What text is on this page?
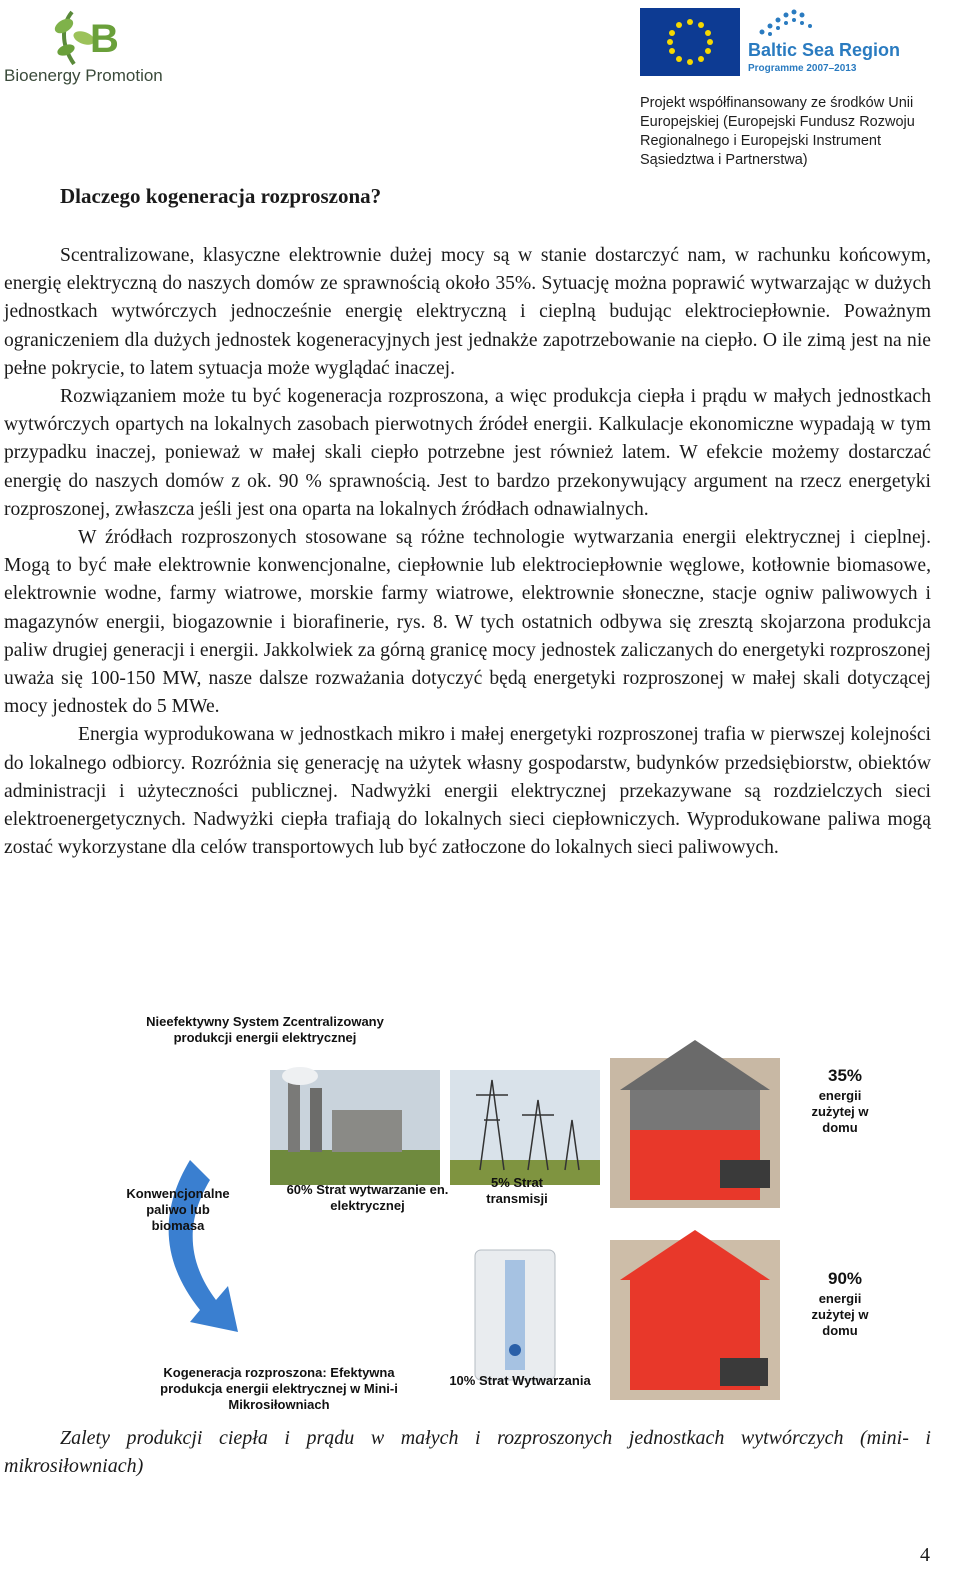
B
Bioenergy Promotion
Baltic Sea Region
Programme 2007–2013
Projekt współfinansowany ze środków Unii Europejskiej (Europejski Fundusz Rozwoju Regionalnego i Europejski Instrument Sąsiedztwa i Partnerstwa)
Dlaczego kogeneracja rozproszona?

Scentralizowane, klasyczne elektrownie dużej mocy są w stanie dostarczyć nam, w rachunku końcowym, energię elektryczną do naszych domów ze sprawnością około 35%. Sytuację można poprawić wytwarzając w dużych jednostkach wytwórczych jednocześnie energię elektryczną i cieplną budując elektrociepłownie. Poważnym ograniczeniem dla dużych jednostek kogeneracyjnych jest jednakże zapotrzebowanie na ciepło. O ile zimą jest na nie pełne pokrycie, to latem sytuacja może wyglądać inaczej.

Rozwiązaniem może tu być kogeneracja rozproszona, a więc produkcja ciepła i prądu w małych jednostkach wytwórczych opartych na lokalnych zasobach pierwotnych źródeł energii. Kalkulacje ekonomiczne wypadają w tym przypadku inaczej, ponieważ w małej skali ciepło potrzebne jest również latem. W efekcie możemy dostarczać energię do naszych domów z ok. 90 % sprawnością. Jest to bardzo przekonywujący argument na rzecz energetyki rozproszonej, zwłaszcza jeśli jest ona oparta na lokalnych źródłach odnawialnych.

W źródłach rozproszonych stosowane są różne technologie wytwarzania energii elektrycznej i cieplnej. Mogą to być małe elektrownie konwencjonalne, ciepłownie lub elektrociepłownie węglowe, kotłownie biomasowe, elektrownie wodne, farmy wiatrowe, morskie farmy wiatrowe, elektrownie słoneczne, stacje ogniw paliwowych i magazynów energii, biogazownie i biorafinerie, rys. 8. W tych ostatnich odbywa się zresztą skojarzona produkcja paliw drugiej generacji i energii. Jakkolwiek za górną granicę mocy jednostek zaliczanych do energetyki rozproszonej uważa się 100-150 MW, nasze dalsze rozważania dotyczyć będą energetyki rozproszonej w małej skali dotyczącej mocy jednostek do 5 MWe.

Energia wyprodukowana w jednostkach mikro i małej energetyki rozproszonej trafia w pierwszej kolejności do lokalnego odbiorcy. Rozróżnia się generację na użytek własny gospodarstw, budynków przedsiębiorstw, obiektów administracji i użyteczności publicznej. Nadwyżki energii elektrycznej przekazywane są rozdzielczych sieci elektroenergetycznych. Nadwyżki ciepła trafiają do lokalnych sieci ciepłowniczych. Wyprodukowane paliwa mogą zostać wykorzystane dla celów transportowych lub być zatłoczone do lokalnych sieci paliwowych.

Nieefektywny System Zcentralizowany produkcji energii elektrycznej
Konwencjonalne paliwo lub biomasa
60% Strat wytwarzanie en. elektrycznej
5% Strat transmisji
35%
energii zużytej w domu
Kogeneracja rozproszona: Efektywna produkcja energii elektrycznej w Mini-i Mikrosiłowniach
10% Strat Wytwarzania
90%
energii zużytej w domu
Zalety produkcji ciepła i prądu w małych i rozproszonych jednostkach wytwórczych (mini- i mikrosiłowniach)
4
